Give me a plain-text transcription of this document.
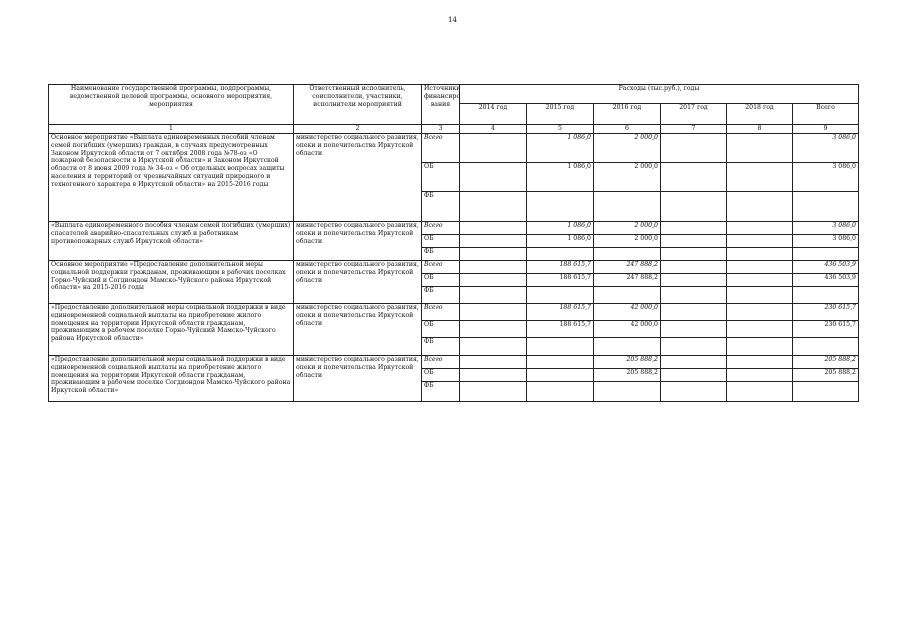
14
Наименование государственной программы, подпрограммы, ведомственной целевой программы, основного мероприятия, мероприятия	Ответственный исполнитель, соисполнители, участники, исполнители мероприятий	Источники финансиро вания	Расходы (тыс.руб.), годы					
			2014 год	2015 год	2016 год	2017 год	2018 год	Всего
1	2	3	4	5	6	7	8	9
Основное мероприятие «Выплата единовременных пособий членам семей погибших (умерших) граждан, в случаях предусмотренных Законом Иркутской области от 7 октября 2008 года №78-оз «О пожарной безопасности в Иркутской области» и Законом Иркутской области от 8 июня 2009 года № 34-оз « Об отдельных вопросах защиты населения и территорий от чрезвычайных ситуаций природного и техногенного характера в Иркутской области» на 2015-2016 годы	министерство социального развития, опеки и попечительства Иркутской области	Всего		1 086,0	2 000,0			3 086,0
		ОБ		1 086,0	2 000,0			3 086,0
		ФБ						
«Выплата единовременного пособия членам семей погибших (умерших) спасателей аварийно-спасательных служб и работникам противопожарных служб Иркутской области»	министерство социального развития, опеки и попечительства Иркутской области	Всего		1 086,0	2 000,0			3 086,0
		ОБ		1 086,0	2 000,0			3 086,0
		ФБ						
Основное мероприятие «Предоставление дополнительной меры социальной поддержки гражданам, проживающим в рабочих поселках Горно-Чуйский и Согдиондон Мамско-Чуйского района Иркутской области» на 2015-2016 годы	министерство социального развития, опеки и попечительства Иркутской области	Всего		188 615,7	247 888,2			436 503,9
		ОБ		188 615,7	247 888,2			436 503,9
		ФБ						
«Предоставление дополнительной меры социальной поддержки в виде единовременной социальной выплаты на приобретение жилого помещения на территории Иркутской области гражданам, проживающим в рабочем поселке Горно-Чуйский Мамско-Чуйского района Иркутской области»	министерство социального развития, опеки и попечительства Иркутской области	Всего		188 615,7	42 000,0			230 615,7
		ОБ		188 615,7	42 000,0			230 615,7
		ФБ						
«Предоставление дополнительной меры социальной поддержки в виде единовременной социальной выплаты на приобретение жилого помещения на территории Иркутской области гражданам, проживающим в рабочем поселке Согдиондон Мамско-Чуйского района Иркутской области»	министерство социального развития, опеки и попечительства Иркутской области	Всего			205 888,2			205 888,2
		ОБ			205 888,2			205 888,2
		ФБ						
